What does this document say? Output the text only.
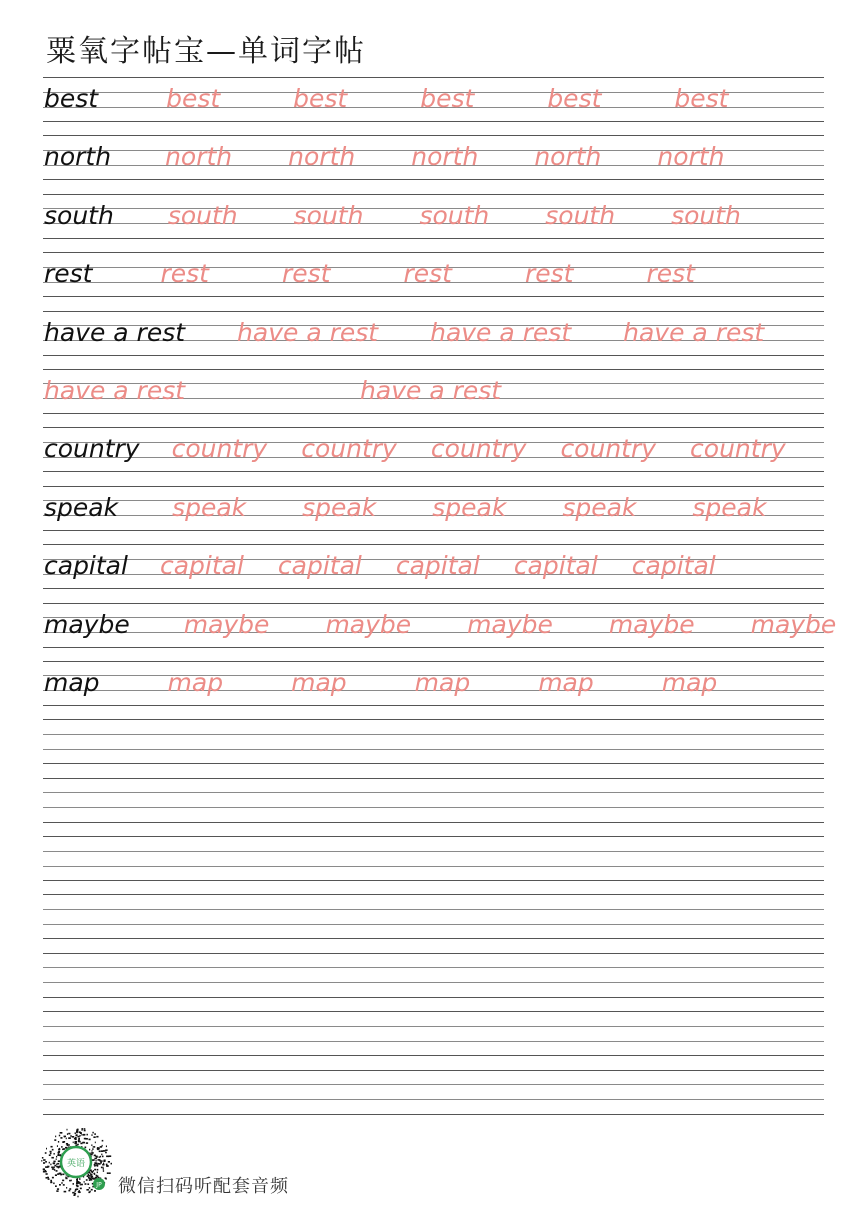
粟氧字帖宝—单词字帖
best	best	best	best	best	best
north north north north north north
south south south south south south
rest	rest	rest	rest	rest	rest
have a rest have a rest have a rest have a rest
have a rest	have a rest
country country country country country country
speak speak speak speak speak speak
capital capital capital capital capital capital
maybe maybe maybe maybe maybe maybe
map	map	map	map	map	map
英语
JP 微信扫码听配套音频
